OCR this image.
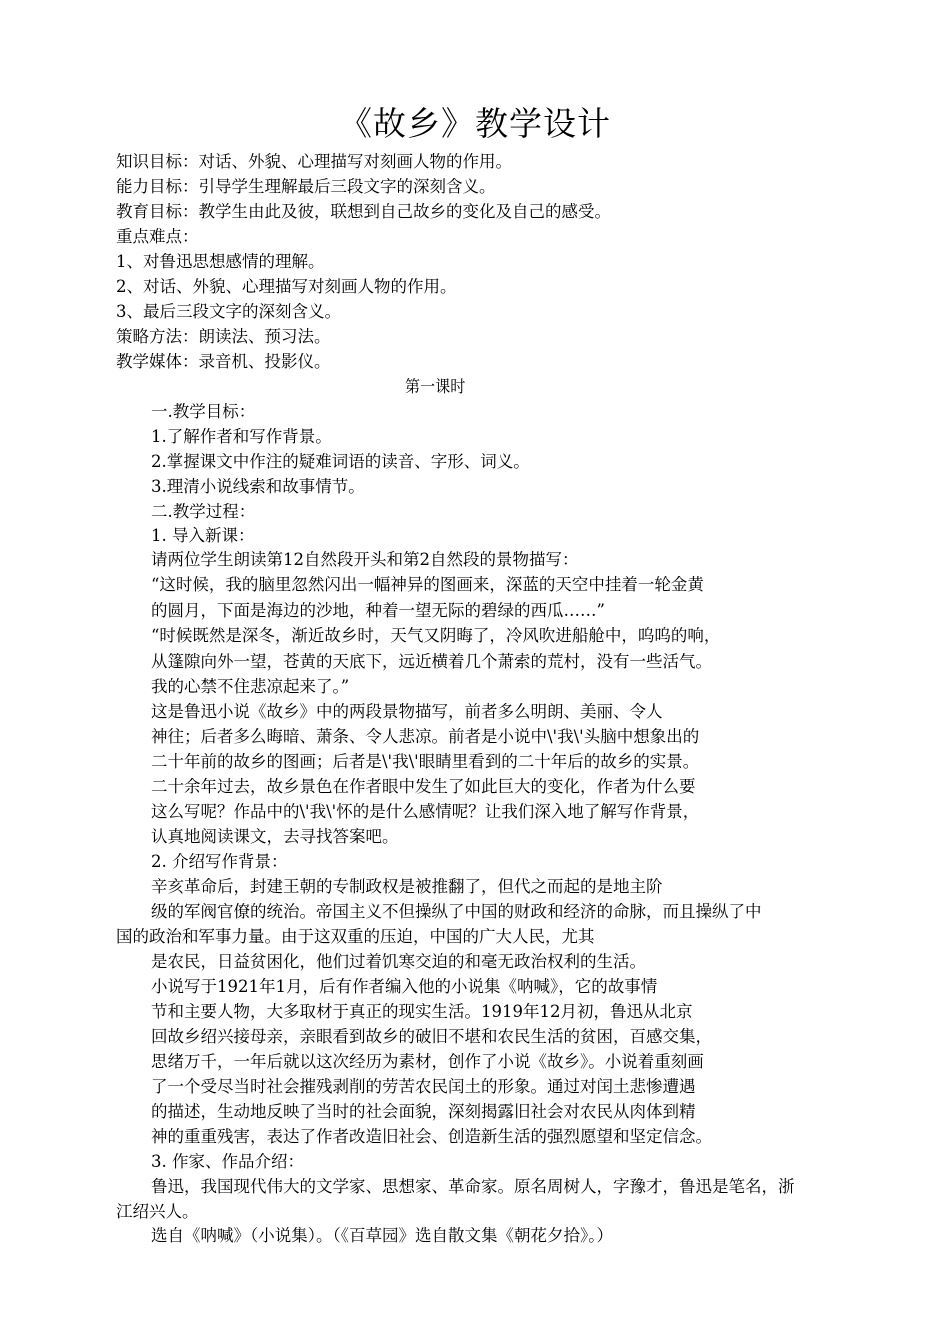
《故乡》教学设计
知识目标：对话、外貌、心理描写对刻画人物的作用。
能力目标：引导学生理解最后三段文字的深刻含义。
教育目标：教学生由此及彼，联想到自己故乡的变化及自己的感受。
重点难点：
1、对鲁迅思想感情的理解。
2、对话、外貌、心理描写对刻画人物的作用。
3、最后三段文字的深刻含义。
策略方法：朗读法、预习法。
教学媒体：录音机、投影仪。
第一课时
一.教学目标：
1.了解作者和写作背景。
2.掌握课文中作注的疑难词语的读音、字形、词义。
3.理清小说线索和故事情节。
二.教学过程：
1. 导入新课：
请两位学生朗读第12自然段开头和第2自然段的景物描写：
“这时候，我的脑里忽然闪出一幅神异的图画来，深蓝的天空中挂着一轮金黄
的圆月，下面是海边的沙地，种着一望无际的碧绿的西瓜……”
“时候既然是深冬，渐近故乡时，天气又阴晦了，冷风吹进船舱中，呜呜的响，
从篷隙向外一望，苍黄的天底下，远近横着几个萧索的荒村，没有一些活气。
我的心禁不住悲凉起来了。”
这是鲁迅小说《故乡》中的两段景物描写，前者多么明朗、美丽、令人
神往；后者多么晦暗、萧条、令人悲凉。前者是小说中\'我\'头脑中想象出的
二十年前的故乡的图画；后者是\'我\'眼睛里看到的二十年后的故乡的实景。
二十余年过去，故乡景色在作者眼中发生了如此巨大的变化，作者为什么要
这么写呢？作品中的\'我\'怀的是什么感情呢？让我们深入地了解写作背景，
认真地阅读课文，去寻找答案吧。
2. 介绍写作背景：
辛亥革命后，封建王朝的专制政权是被推翻了，但代之而起的是地主阶
级的军阀官僚的统治。帝国主义不但操纵了中国的财政和经济的命脉，而且操纵了中
国的政治和军事力量。由于这双重的压迫，中国的广大人民，尤其
是农民，日益贫困化，他们过着饥寒交迫的和毫无政治权利的生活。
小说写于1921年1月，后有作者编入他的小说集《呐喊》，它的故事情
节和主要人物，大多取材于真正的现实生活。1919年12月初，鲁迅从北京
回故乡绍兴接母亲，亲眼看到故乡的破旧不堪和农民生活的贫困，百感交集，
思绪万千，一年后就以这次经历为素材，创作了小说《故乡》。小说着重刻画
了一个受尽当时社会摧残剥削的劳苦农民闰土的形象。通过对闰土悲惨遭遇
的描述，生动地反映了当时的社会面貌，深刻揭露旧社会对农民从肉体到精
神的重重残害，表达了作者改造旧社会、创造新生活的强烈愿望和坚定信念。
3. 作家、作品介绍：
鲁迅，我国现代伟大的文学家、思想家、革命家。原名周树人，字豫才，鲁迅是笔名，浙
江绍兴人。
选自《呐喊》（小说集）。（《百草园》选自散文集《朝花夕拾》。）
